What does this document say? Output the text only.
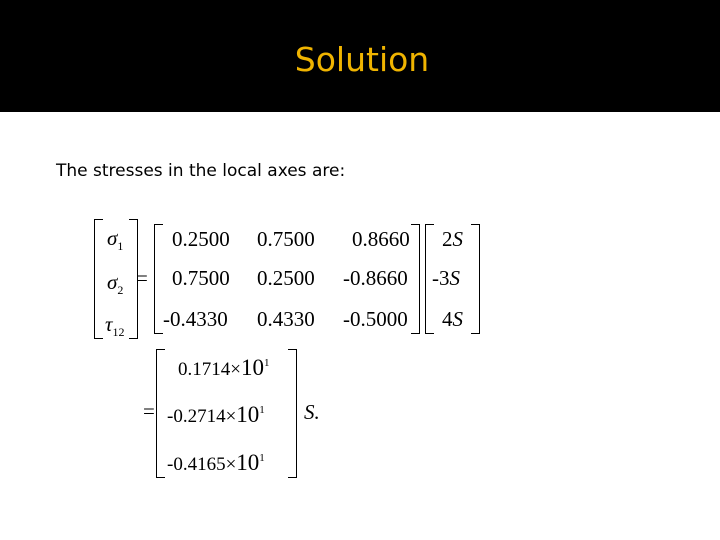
Solution
The stresses in the local axes are:
$\sigma_1$
$\sigma_2$
$\tau_{12}$
=
0.2500 0.7500 0.8660
0.7500 0.2500 -0.8660
-0.4330 0.4330 -0.5000
2S
-3S
4S
=
$0.1714\times 10^1$
$-0.2714\times 10^1$
$-0.4165\times 10^1$
S.
